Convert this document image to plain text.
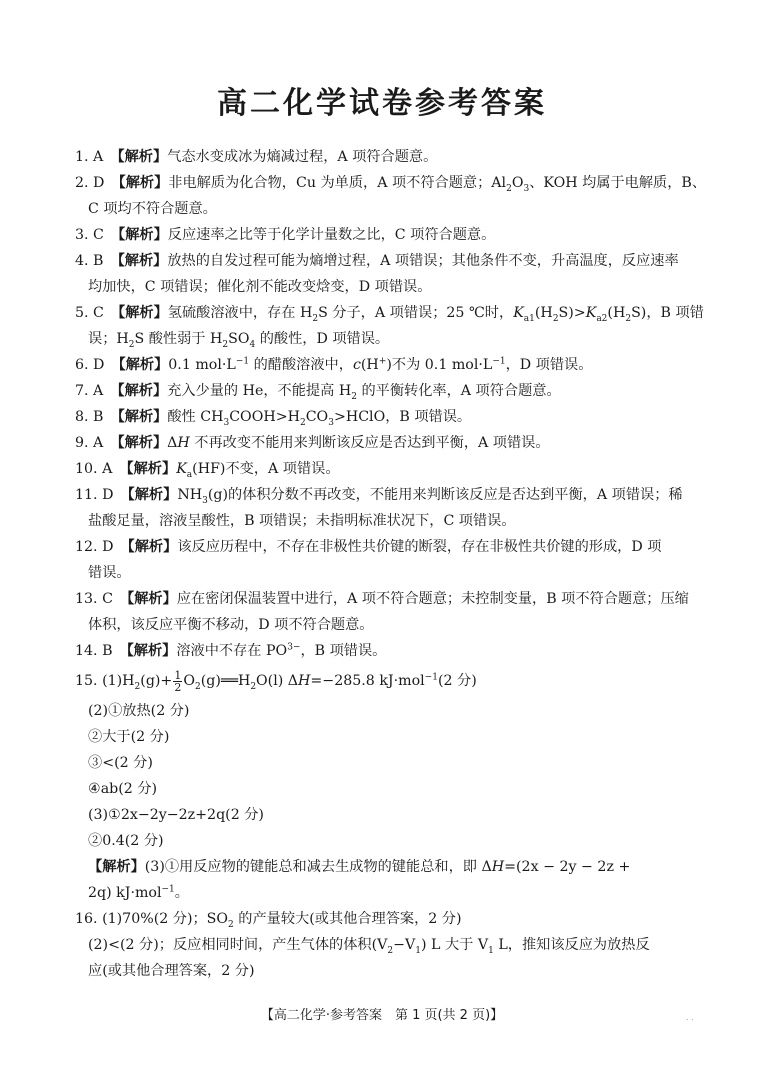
高二化学试卷参考答案
1. A　 【解析】气态水变成冰为熵减过程，A 项符合题意。
2. D　 【解析】非电解质为化合物，Cu 为单质，A 项不符合题意；$Al_2O_3$、KOH 均属于电解质，B、
C 项均不符合题意。
3. C　 【解析】反应速率之比等于化学计量数之比，C 项符合题意。
4. B　 【解析】放热的自发过程可能为熵增过程，A 项错误；其他条件不变，升高温度，反应速率
均加快，C 项错误；催化剂不能改变焓变，D 项错误。
5. C　 【解析】氢硫酸溶液中，存在 $H_2S$ 分子，A 项错误；25 ℃时，$K_{a1}(H_2S)>K_{a2}(H_2S)$，B 项错
误；$H_2S$ 酸性弱于 $H_2SO_4$ 的酸性，D 项错误。
6. D　 【解析】0.1 $mol\cdot L^{-1}$ 的醋酸溶液中，c(H+)不为 0.1 $mol\cdot L^{-1}$，D 项错误。
7. A　 【解析】充入少量的 He，不能提高 $H_2$ 的平衡转化率，A 项符合题意。
8. B　 【解析】酸性 $CH_3COOH>H_2CO_3>HClO$，B 项错误。
9. A　 【解析】ΔH 不再改变不能用来判断该反应是否达到平衡，A 项错误。
10. A　 【解析】$K_a(HF)$不变，A 项错误。
11. D　 【解析】$NH_3(g)$的体积分数不再改变，不能用来判断该反应是否达到平衡，A 项错误；稀
盐酸足量，溶液呈酸性，B 项错误；未指明标准状况下，C 项错误。
12. D　 【解析】该反应历程中，不存在非极性共价键的断裂，存在非极性共价键的形成，D 项
错误。
13. C　 【解析】应在密闭保温装置中进行，A 项不符合题意；未控制变量，B 项不符合题意；压缩
体积，该反应平衡不移动，D 项不符合题意。
14. B　 【解析】溶液中不存在 $PO^{3-}$，B 项错误。
15. $(1)H_2(g)+ \frac{1}{2}$ $O_2(g)══H_2O(l)$ ΔH=−285.8 kJ·mol$^{-1}$(2 分)
(2)①放热(2 分)
②大于(2 分)
③<(2 分)
④ab(2 分)
(3)①2x−2y−2z+2q(2 分)
②0.4(2 分)
【解析】(3)①用反应物的键能总和减去生成物的键能总和，即 ΔH=(2x − 2y − 2z +
2q) kJ·mol$^{-1}$。
16. (1)70%(2 分)；$SO_2$ 的产量较大(或其他合理答案，2 分)
(2)<(2 分)；反应相同时间，产生气体的体积$(V_2-V_1)$ L 大于 $V_1$ L，推知该反应为放热反
应(或其他合理答案，2 分)
【高二化学·参考答案　第 1 页(共 2 页)】	. .
